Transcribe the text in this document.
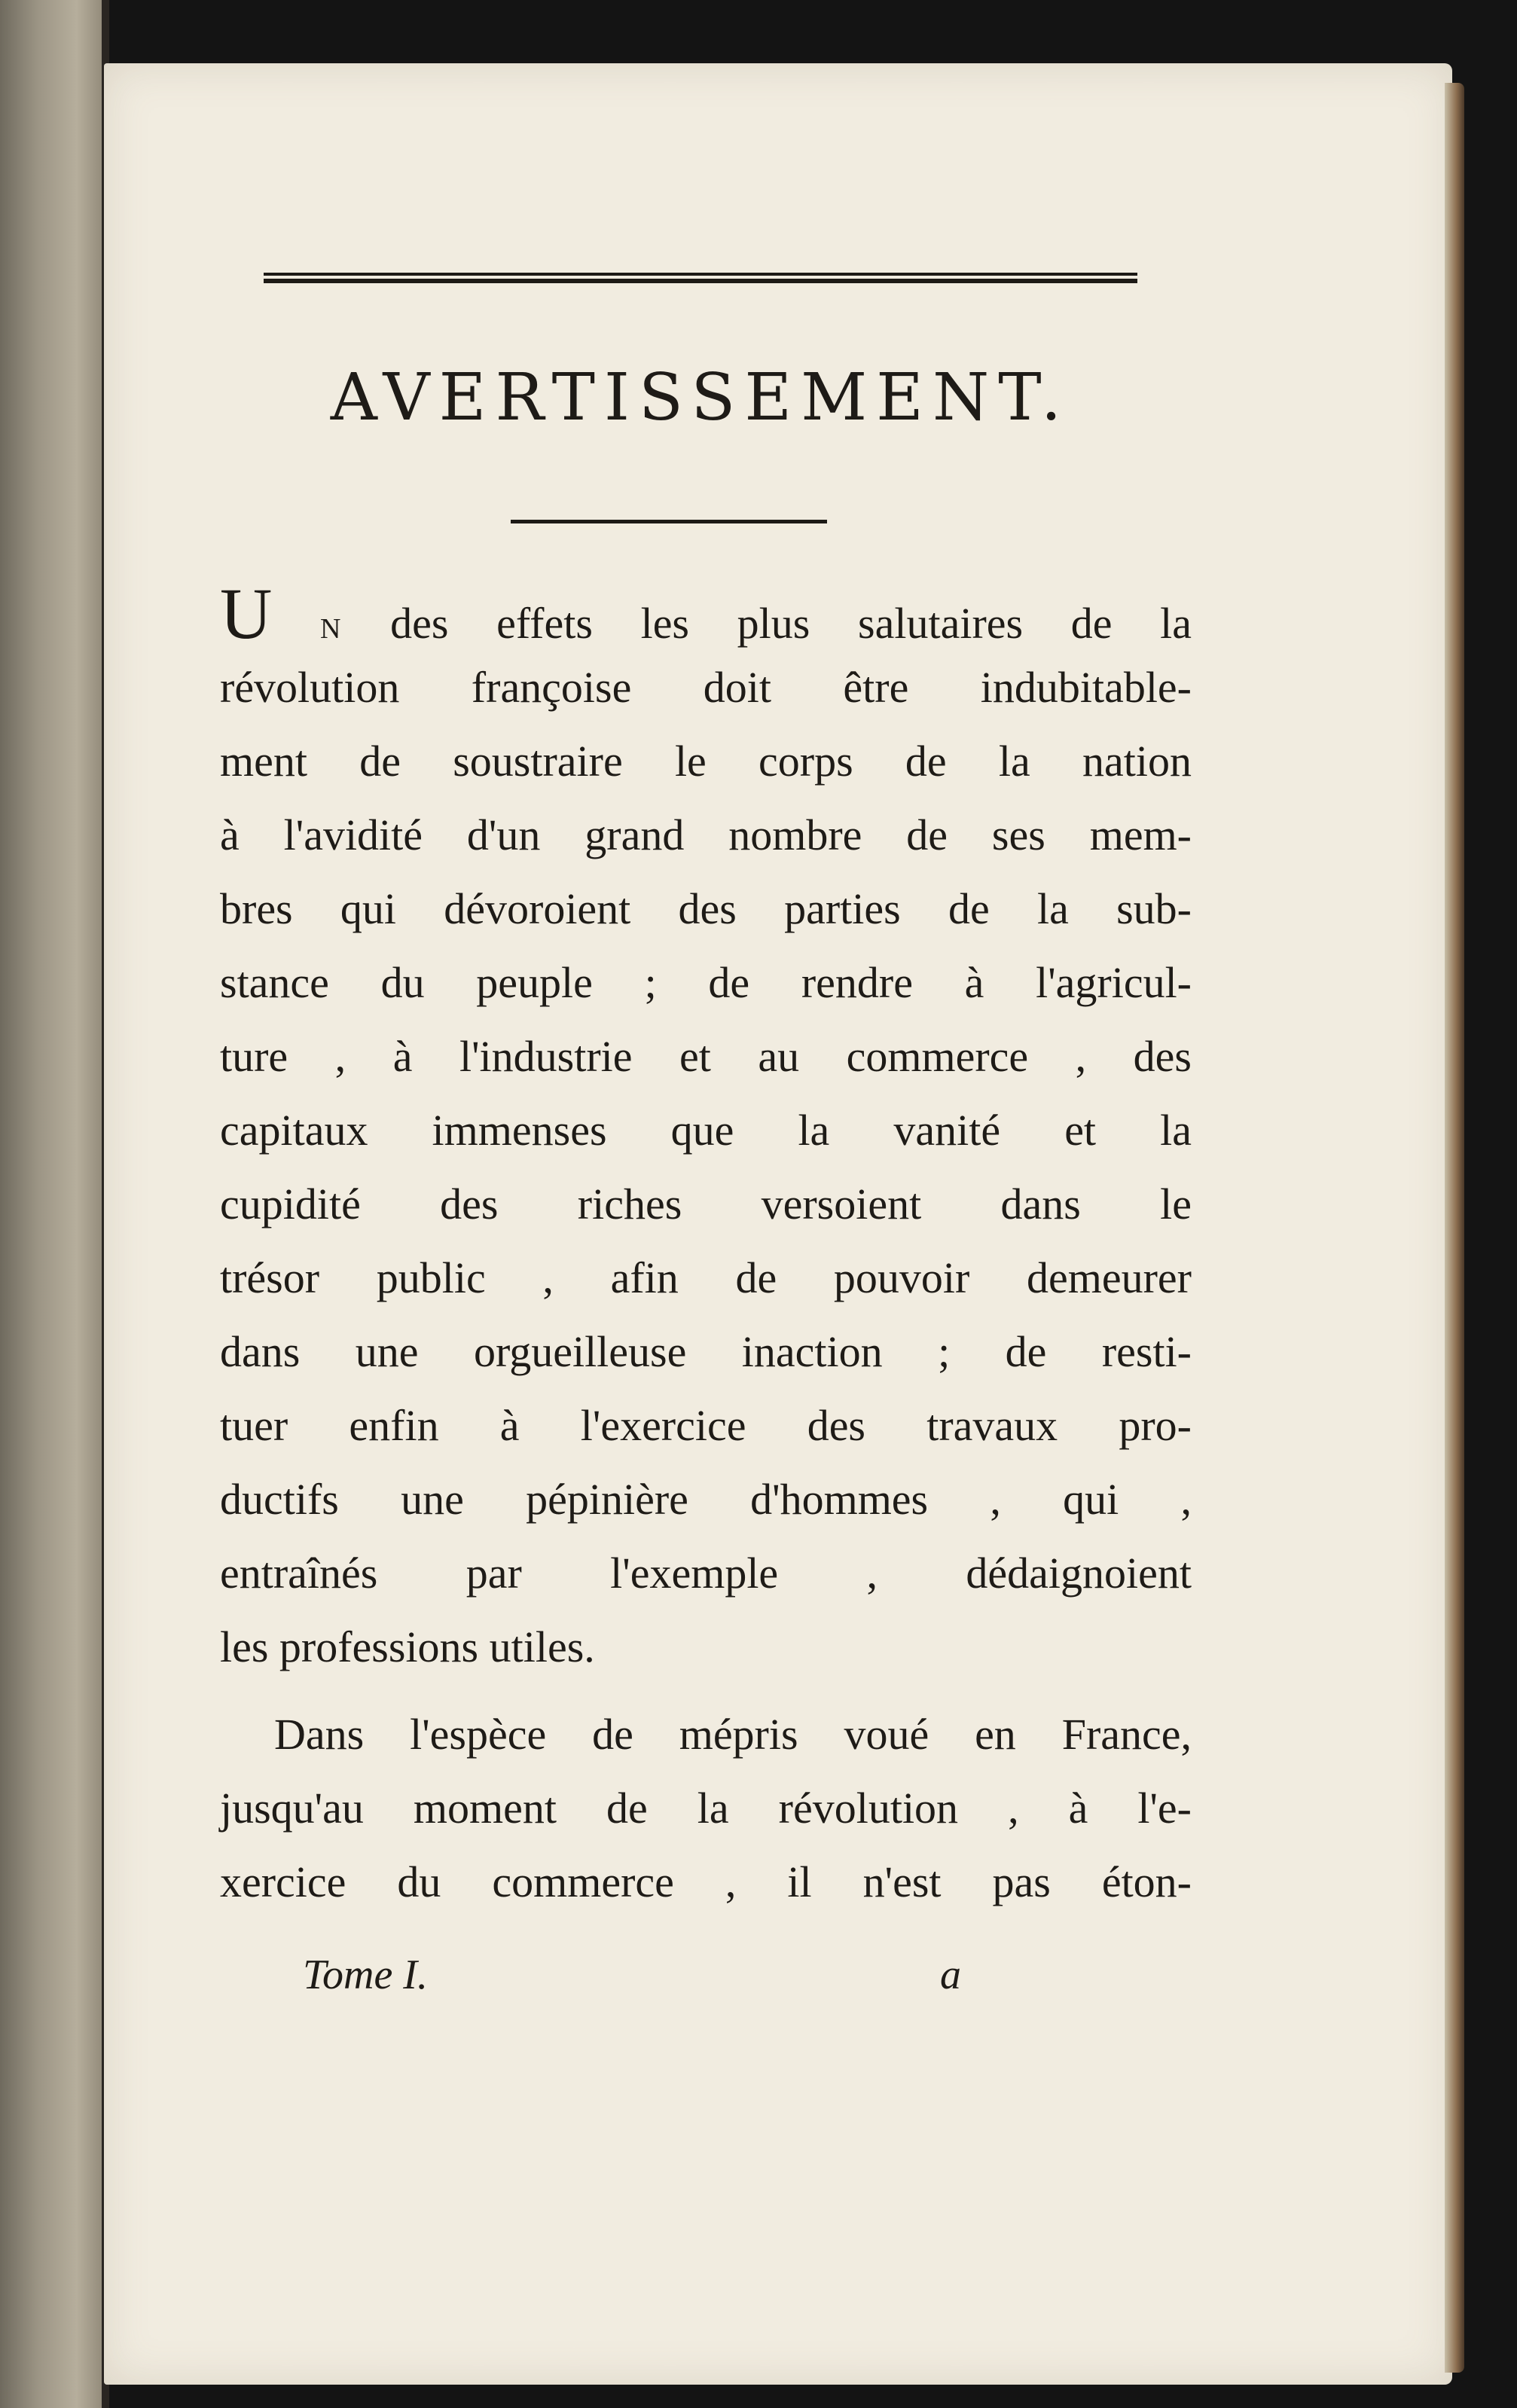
AVERTISSEMENT.
U N des effets les plus salutaires de la
révolution françoise doit être indubitable-
ment de soustraire le corps de la nation
à l'avidité d'un grand nombre de ses mem-
bres qui dévoroient des parties de la sub-
stance du peuple ; de rendre à l'agricul-
ture , à l'industrie et au commerce , des
capitaux immenses que la vanité et la
cupidité des riches versoient dans le
trésor public , afin de pouvoir demeurer
dans une orgueilleuse inaction ; de resti-
tuer enfin à l'exercice des travaux pro-
ductifs une pépinière d'hommes , qui ,
entraînés par l'exemple , dédaignoient
les professions utiles.
Dans l'espèce de mépris voué en France,
jusqu'au moment de la révolution , à l'e-
xercice du commerce , il n'est pas éton-
Tome I.	a
